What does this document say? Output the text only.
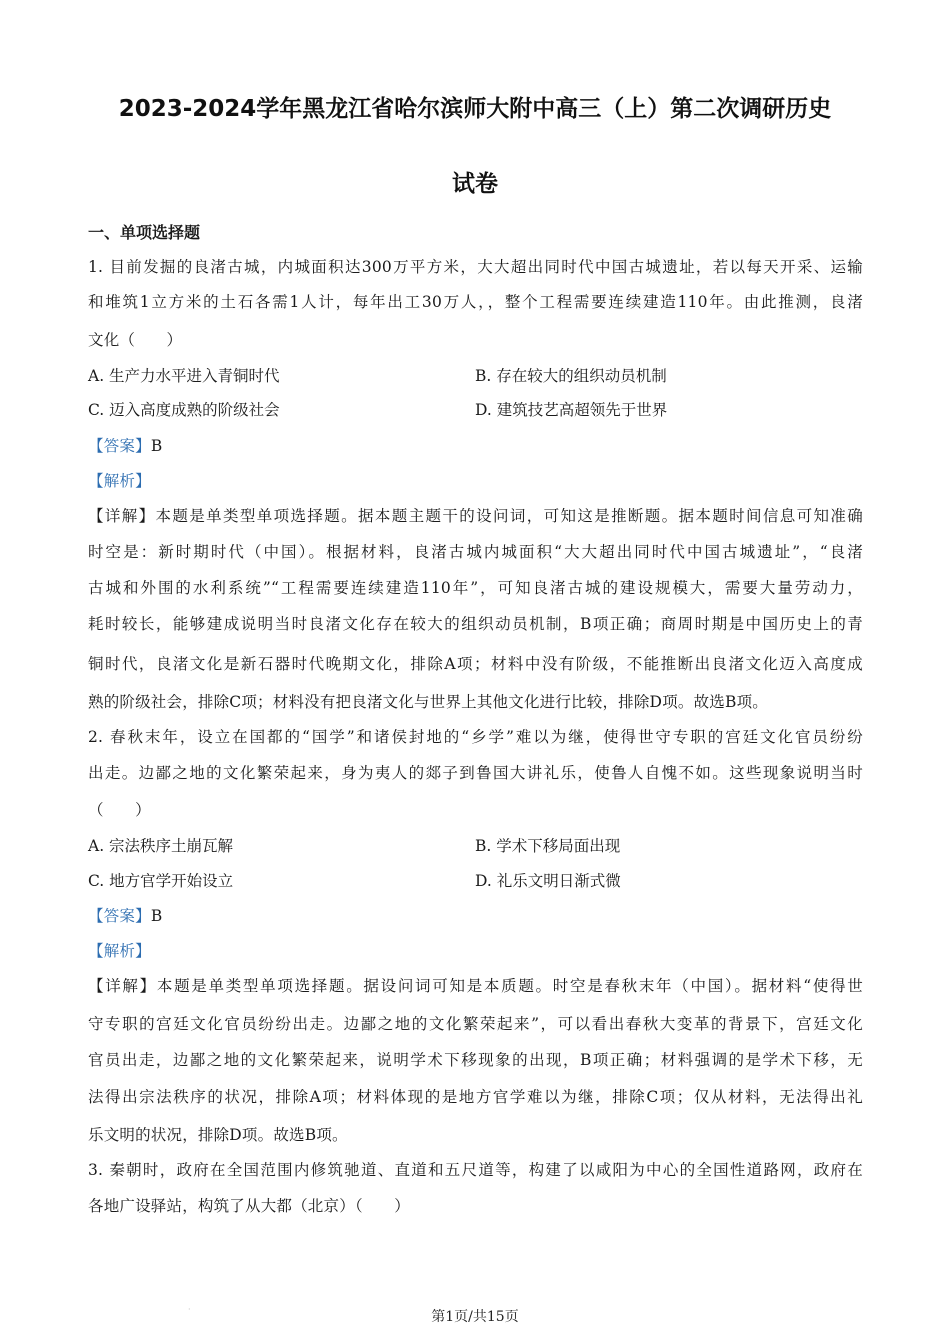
2023-2024学年黑龙江省哈尔滨师大附中高三（上）第二次调研历史
试卷
一、单项选择题
1. 目前发掘的良渚古城，内城面积达300万平方米，大大超出同时代中国古城遗址，若以每天开采、运输
和堆筑1立方米的土石各需1人计，每年出工30万人，，整个工程需要连续建造110年。由此推测，良渚
文化（　　）
A. 生产力水平进入青铜时代	B. 存在较大的组织动员机制
C. 迈入高度成熟的阶级社会	D. 建筑技艺高超领先于世界
【答案】B
【解析】
【详解】本题是单类型单项选择题。据本题主题干的设问词，可知这是推断题。据本题时间信息可知准确
时空是：新时期时代（中国）。根据材料，良渚古城内城面积“大大超出同时代中国古城遗址”，“良渚
古城和外围的水利系统”“工程需要连续建造110年”，可知良渚古城的建设规模大，需要大量劳动力，
耗时较长，能够建成说明当时良渚文化存在较大的组织动员机制，B项正确；商周时期是中国历史上的青
铜时代，良渚文化是新石器时代晚期文化，排除A项；材料中没有阶级，不能推断出良渚文化迈入高度成
熟的阶级社会，排除C项；材料没有把良渚文化与世界上其他文化进行比较，排除D项。故选B项。
2. 春秋末年，设立在国都的“国学”和诸侯封地的“乡学”难以为继，使得世守专职的宫廷文化官员纷纷
出走。边鄙之地的文化繁荣起来，身为夷人的郯子到鲁国大讲礼乐，使鲁人自愧不如。这些现象说明当时
（　　）
A. 宗法秩序土崩瓦解	B. 学术下移局面出现
C. 地方官学开始设立	D. 礼乐文明日渐式微
【答案】B
【解析】
【详解】本题是单类型单项选择题。据设问词可知是本质题。时空是春秋末年（中国）。据材料“使得世
守专职的宫廷文化官员纷纷出走。边鄙之地的文化繁荣起来”，可以看出春秋大变革的背景下，宫廷文化
官员出走，边鄙之地的文化繁荣起来，说明学术下移现象的出现，B项正确；材料强调的是学术下移，无
法得出宗法秩序的状况，排除A项；材料体现的是地方官学难以为继，排除C项；仅从材料，无法得出礼
乐文明的状况，排除D项。故选B项。
3. 秦朝时，政府在全国范围内修筑驰道、直道和五尺道等，构建了以咸阳为中心的全国性道路网，政府在
各地广设驿站，构筑了从大都（北京）（　　）
·	第1页/共15页
